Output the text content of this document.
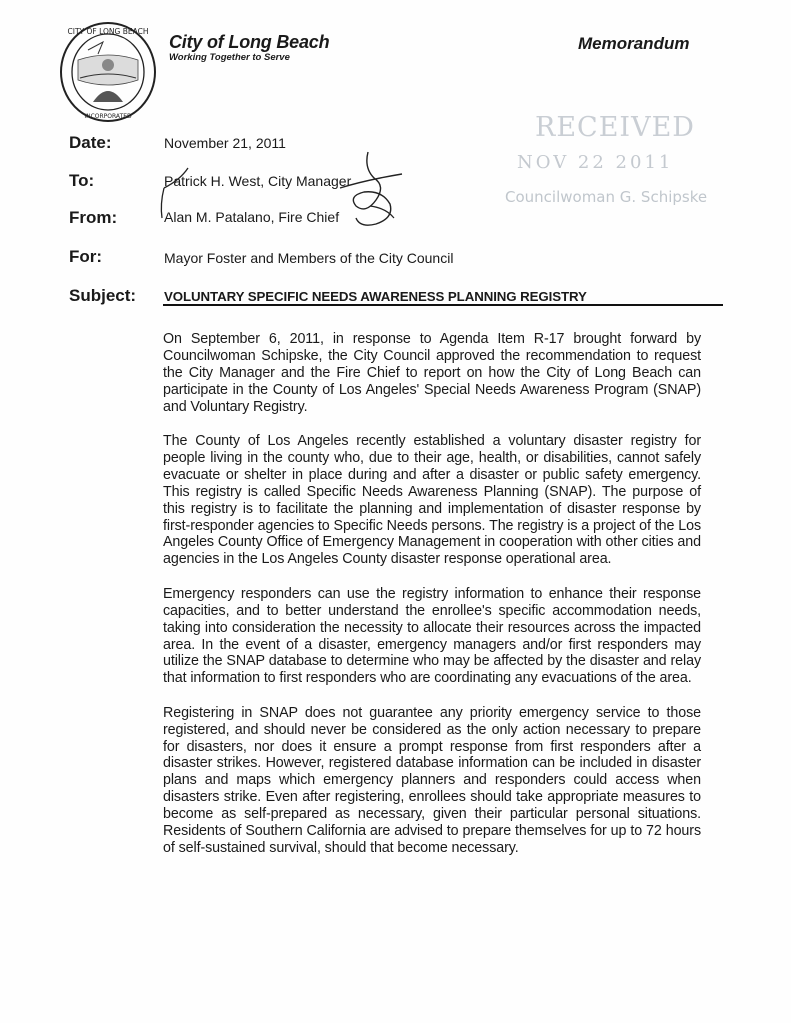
CITY OF LONG BEACH
INCORPORATED
City of Long Beach
Working Together to Serve
Memorandum
RECEIVED
NOV 22 2011
Councilwoman G. Schipske
Date:	November 21, 2011
To:	Patrick H. West, City Manager
From:	Alan M. Patalano, Fire Chief
For:	Mayor Foster and Members of the City Council
Subject: VOLUNTARY SPECIFIC NEEDS AWARENESS PLANNING REGISTRY

On September 6, 2011, in response to Agenda Item R-17 brought forward by Councilwoman Schipske, the City Council approved the recommendation to request the City Manager and the Fire Chief to report on how the City of Long Beach can participate in the County of Los Angeles' Special Needs Awareness Program (SNAP) and Voluntary Registry.

The County of Los Angeles recently established a voluntary disaster registry for people living in the county who, due to their age, health, or disabilities, cannot safely evacuate or shelter in place during and after a disaster or public safety emergency. This registry is called Specific Needs Awareness Planning (SNAP). The purpose of this registry is to facilitate the planning and implementation of disaster response by first-responder agencies to Specific Needs persons. The registry is a project of the Los Angeles County Office of Emergency Management in cooperation with other cities and agencies in the Los Angeles County disaster response operational area.

Emergency responders can use the registry information to enhance their response capacities, and to better understand the enrollee's specific accommodation needs, taking into consideration the necessity to allocate their resources across the impacted area. In the event of a disaster, emergency managers and/or first responders may utilize the SNAP database to determine who may be affected by the disaster and relay that information to first responders who are coordinating any evacuations of the area.

Registering in SNAP does not guarantee any priority emergency service to those registered, and should never be considered as the only action necessary to prepare for disasters, nor does it ensure a prompt response from first responders after a disaster strikes. However, registered database information can be included in disaster plans and maps which emergency planners and responders could access when disasters strike. Even after registering, enrollees should take appropriate measures to become as self-prepared as necessary, given their particular personal situations. Residents of Southern California are advised to prepare themselves for up to 72 hours of self-sustained survival, should that become necessary.
